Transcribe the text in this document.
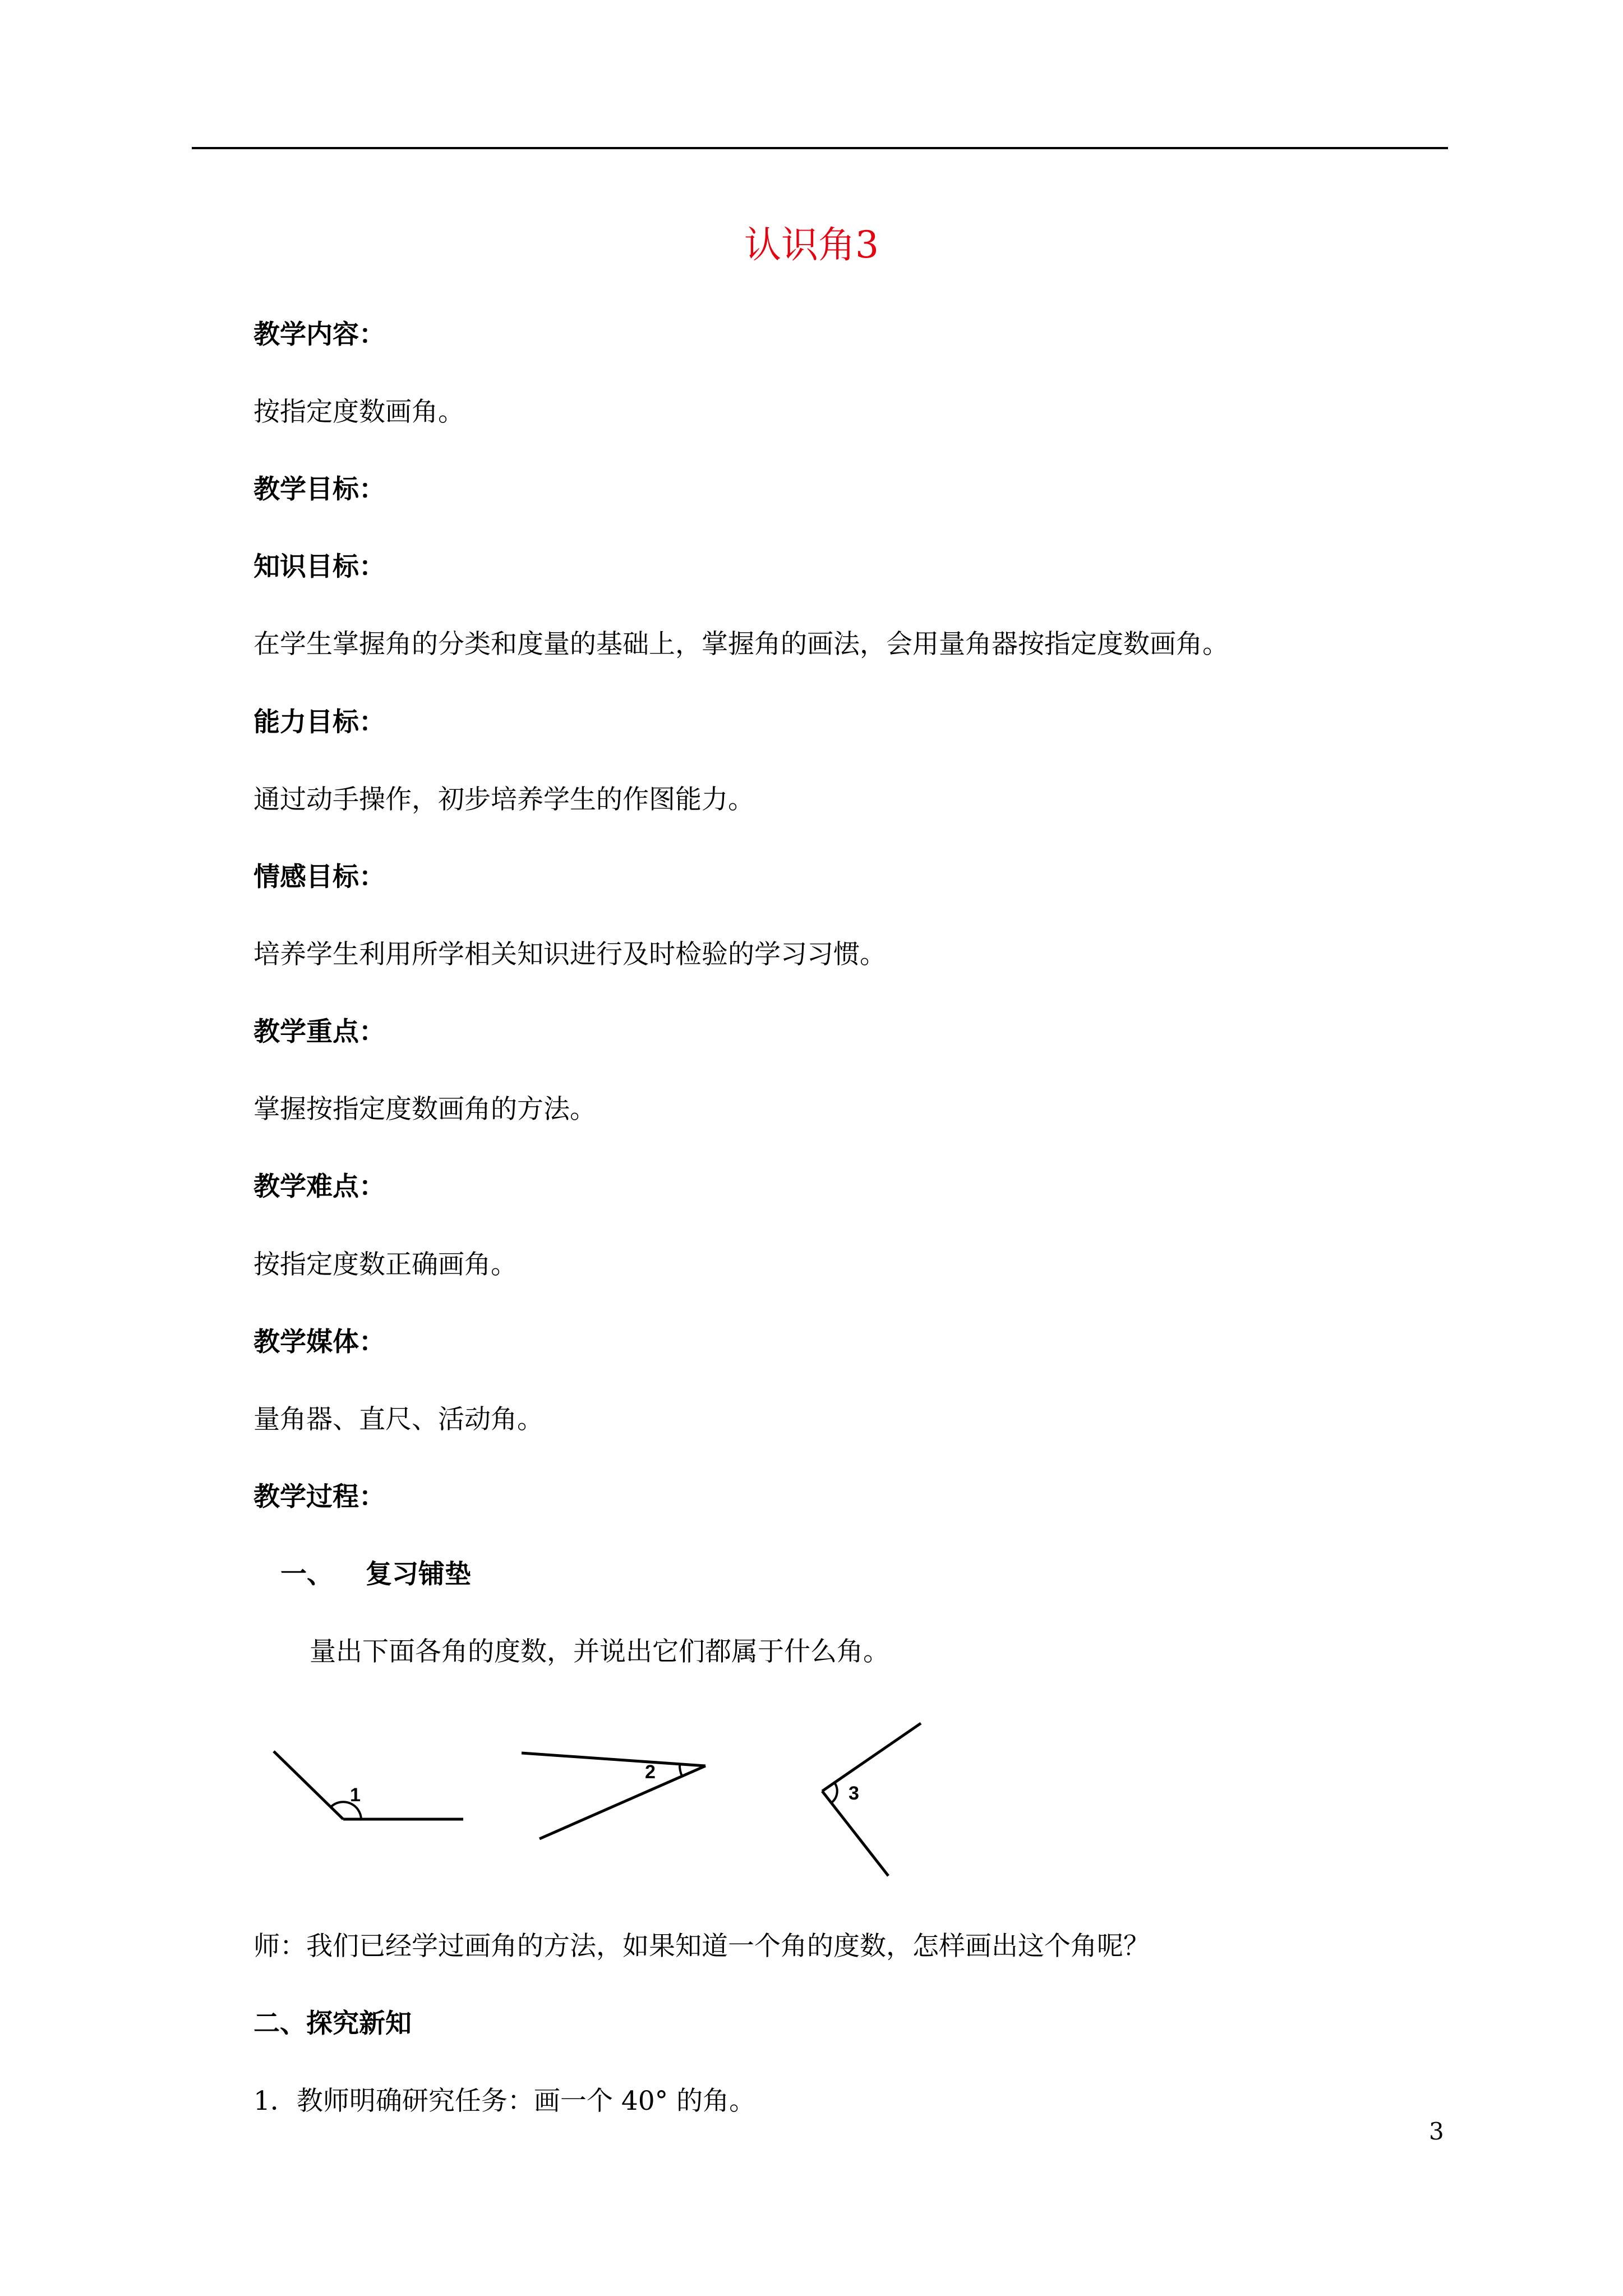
认识角3
教学内容：
按指定度数画角。
教学目标：
知识目标：
在学生掌握角的分类和度量的基础上，掌握角的画法，会用量角器按指定度数画角。
能力目标：
通过动手操作，初步培养学生的作图能力。
情感目标：
培养学生利用所学相关知识进行及时检验的学习习惯。
教学重点：
掌握按指定度数画角的方法。
教学难点：
按指定度数正确画角。
教学媒体：
量角器、直尺、活动角。
教学过程：
一、 复习铺垫
量出下面各角的度数，并说出它们都属于什么角。
1
2
3
师：我们已经学过画角的方法，如果知道一个角的度数，怎样画出这个角呢？
二、探究新知
1．教师明确研究任务：画一个 40° 的角。
3
